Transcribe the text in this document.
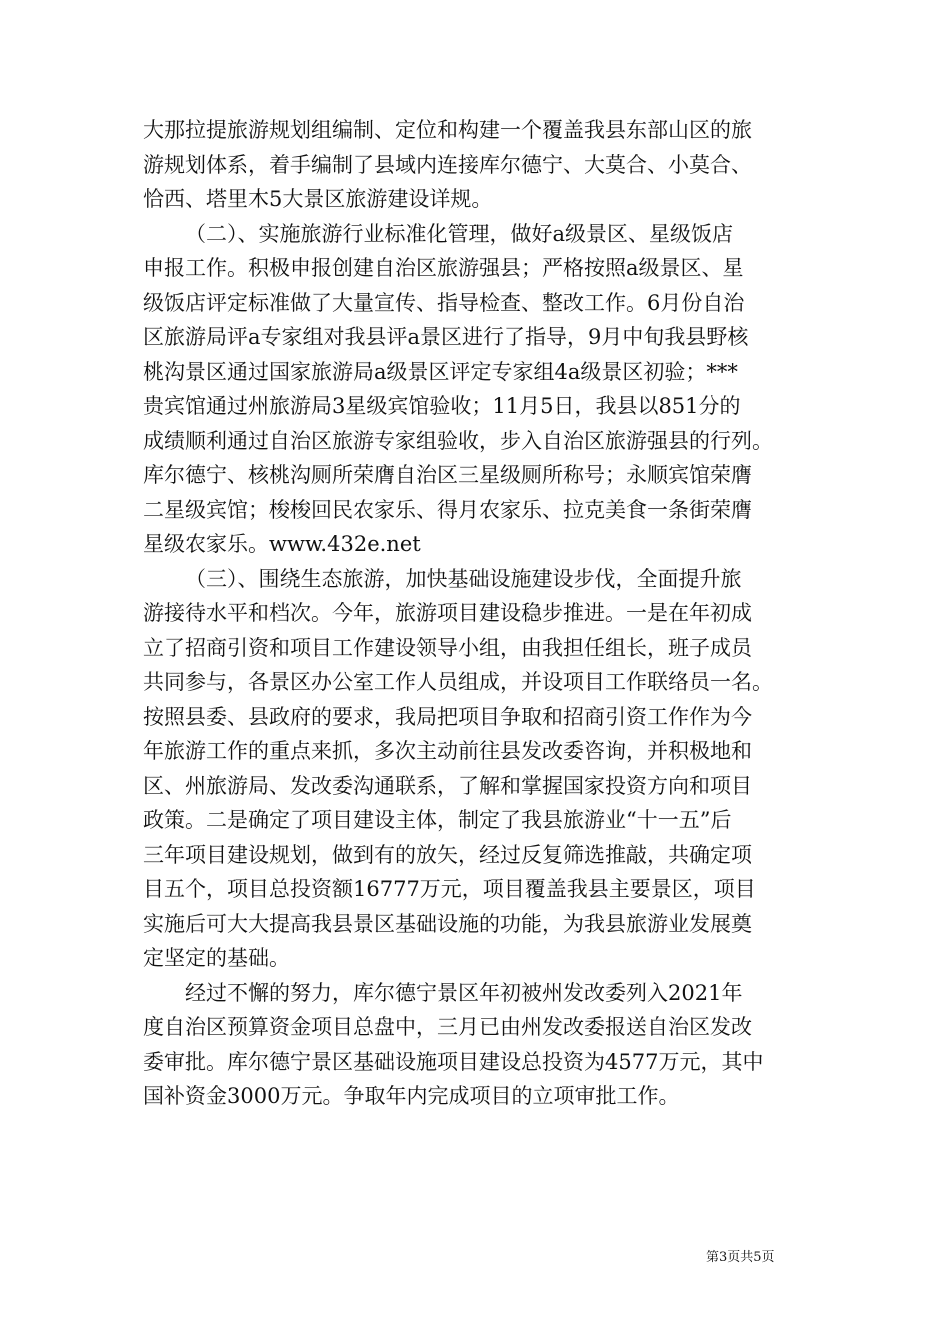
大那拉提旅游规划组编制、定位和构建一个覆盖我县东部山区的旅
游规划体系，着手编制了县域内连接库尔德宁、大莫合、小莫合、
恰西、塔里木5大景区旅游建设详规。
（二）、实施旅游行业标准化管理，做好a级景区、星级饭店
申报工作。积极申报创建自治区旅游强县；严格按照a级景区、星
级饭店评定标准做了大量宣传、指导检查、整改工作。6月份自治
区旅游局评a专家组对我县评a景区进行了指导，9月中旬我县野核
桃沟景区通过国家旅游局a级景区评定专家组4a级景区初验；***
贵宾馆通过州旅游局3星级宾馆验收；11月5日，我县以851分的
成绩顺利通过自治区旅游专家组验收，步入自治区旅游强县的行列。
库尔德宁、核桃沟厕所荣膺自治区三星级厕所称号；永顺宾馆荣膺
二星级宾馆；梭梭回民农家乐、得月农家乐、拉克美食一条街荣膺
星级农家乐。www.432e.net
（三）、围绕生态旅游，加快基础设施建设步伐，全面提升旅
游接待水平和档次。今年，旅游项目建设稳步推进。一是在年初成
立了招商引资和项目工作建设领导小组，由我担任组长，班子成员
共同参与，各景区办公室工作人员组成，并设项目工作联络员一名。
按照县委、县政府的要求，我局把项目争取和招商引资工作作为今
年旅游工作的重点来抓，多次主动前往县发改委咨询，并积极地和
区、州旅游局、发改委沟通联系，了解和掌握国家投资方向和项目
政策。二是确定了项目建设主体，制定了我县旅游业“十一五”后
三年项目建设规划，做到有的放矢，经过反复筛选推敲，共确定项
目五个，项目总投资额16777万元，项目覆盖我县主要景区，项目
实施后可大大提高我县景区基础设施的功能，为我县旅游业发展奠
定坚定的基础。
经过不懈的努力，库尔德宁景区年初被州发改委列入2021年
度自治区预算资金项目总盘中，三月已由州发改委报送自治区发改
委审批。库尔德宁景区基础设施项目建设总投资为4577万元，其中
国补资金3000万元。争取年内完成项目的立项审批工作。
第3页共5页
